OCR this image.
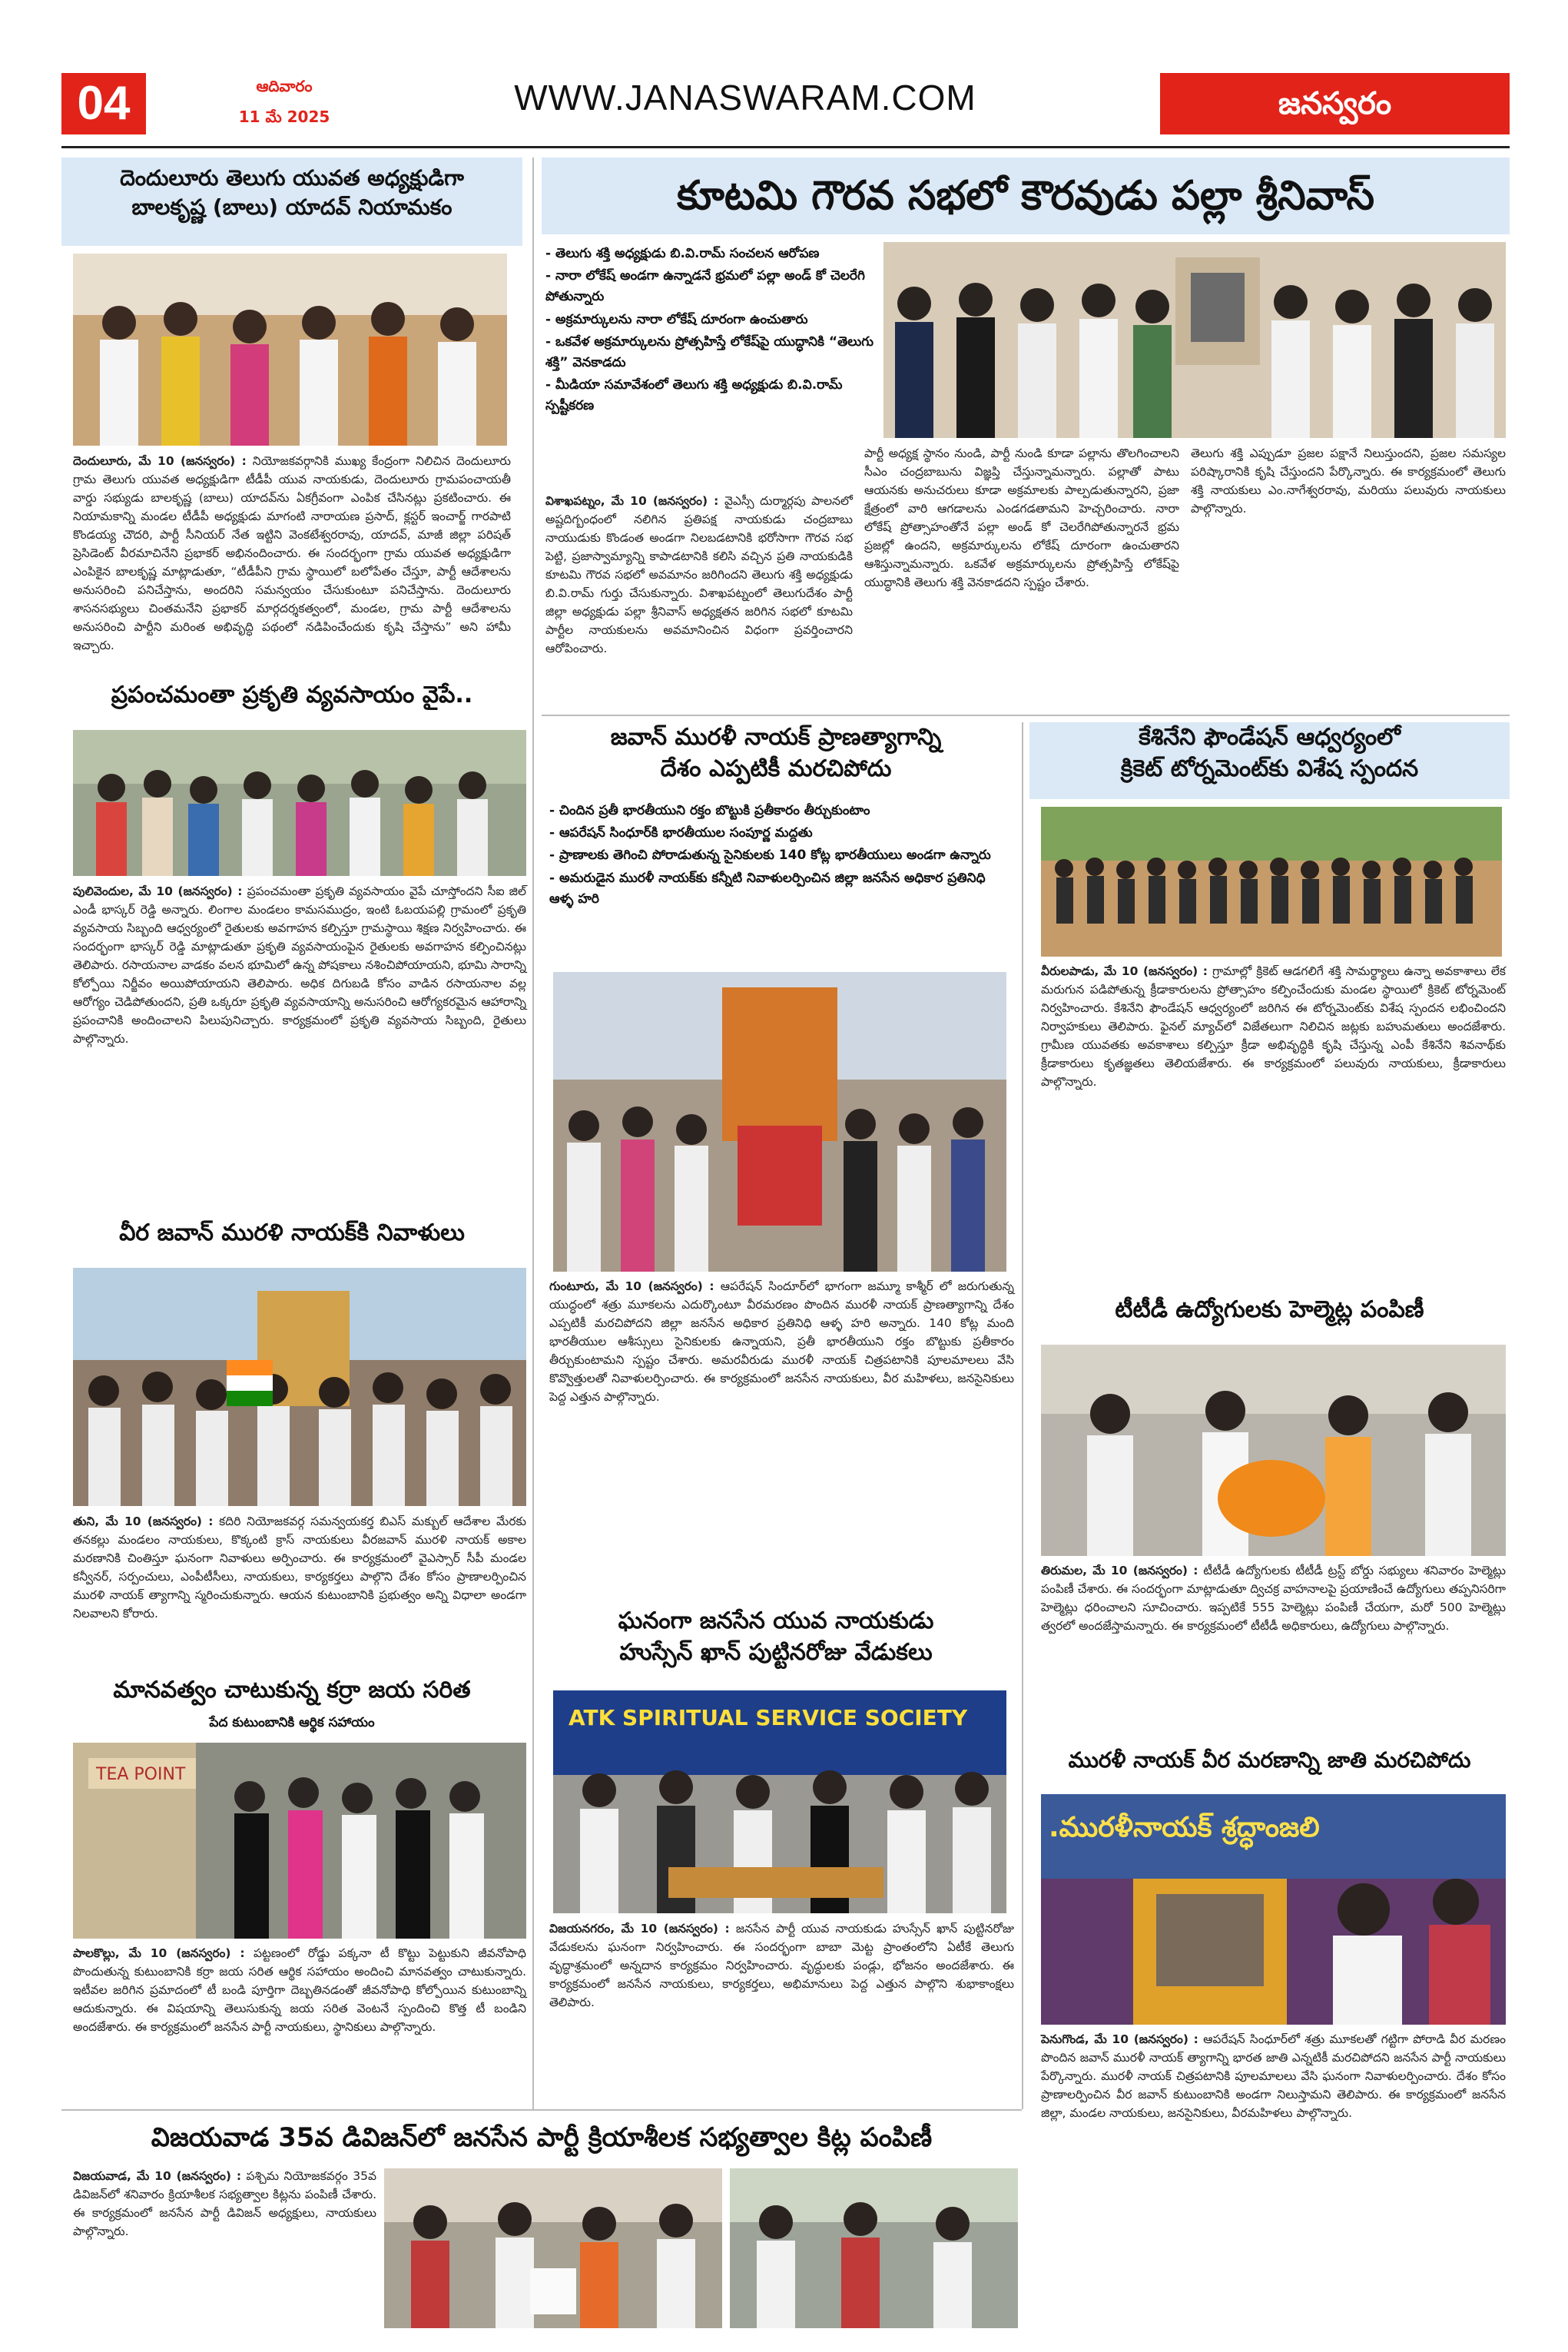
04	ఆదివారం
11 మే 2025	WWW.JANASWARAM.COM	జనస్వరం
దెందులూరు తెలుగు యువత అధ్యక్షుడిగా
బాలకృష్ణ (బాలు) యాదవ్ నియామకం
దెందులూరు, మే 10 (జనస్వరం) : నియోజకవర్గానికి ముఖ్య కేంద్రంగా నిలిచిన దెందులూరు గ్రామ తెలుగు యువత అధ్యక్షుడిగా టీడీపీ యువ నాయకుడు, దెందులూరు గ్రామపంచాయతీ వార్డు సభ్యుడు బాలకృష్ణ (బాలు) యాదవ్‌ను ఏకగ్రీవంగా ఎంపిక చేసినట్లు ప్రకటించారు. ఈ నియామకాన్ని మండల టీడీపీ అధ్యక్షుడు మాగంటి నారాయణ ప్రసాద్, క్లస్టర్ ఇంచార్జ్ గారపాటి కొండయ్య చౌదరి, పార్టీ సీనియర్ నేత ఇట్టిని వెంకటేశ్వరరావు, యాదవ్, మాజీ జిల్లా పరిషత్ ప్రెసిడెంట్ వీరమాచినేని ప్రభాకర్ అభినందించారు. ఈ సందర్భంగా గ్రామ యువత అధ్యక్షుడిగా ఎంపికైన బాలకృష్ణ మాట్లాడుతూ, “టీడీపీని గ్రామ స్థాయిలో బలోపేతం చేస్తూ, పార్టీ ఆదేశాలను అనుసరించి పనిచేస్తాను, అందరిని సమన్వయం చేసుకుంటూ పనిచేస్తాను. దెందులూరు శాసనసభ్యులు చింతమనేని ప్రభాకర్ మార్గదర్శకత్వంలో, మండల, గ్రామ పార్టీ ఆదేశాలను అనుసరించి పార్టీని మరింత అభివృద్ధి పథంలో నడిపించేందుకు కృషి చేస్తాను” అని హామీ ఇచ్చారు.
ప్రపంచమంతా ప్రకృతి వ్యవసాయం వైపే..
పులివెందుల, మే 10 (జనస్వరం) : ప్రపంచమంతా ప్రకృతి వ్యవసాయం వైపే చూస్తోందని సీఐ జిల్ ఎండీ భాస్కర్ రెడ్డి అన్నారు. లింగాల మండలం కామసముద్రం, ఇంటి ఓబయపల్లి గ్రామంలో ప్రకృతి వ్యవసాయ సిబ్బంది ఆధ్వర్యంలో రైతులకు అవగాహన కల్పిస్తూ గ్రామస్థాయి శిక్షణ నిర్వహించారు. ఈ సందర్భంగా భాస్కర్ రెడ్డి మాట్లాడుతూ ప్రకృతి వ్యవసాయంపైన రైతులకు అవగాహన కల్పించినట్లు తెలిపారు. రసాయనాల వాడకం వలన భూమిలో ఉన్న పోషకాలు నశించిపోయాయని, భూమి సారాన్ని కోల్పోయి నిర్జీవం అయిపోయాయని తెలిపారు. అధిక దిగుబడి కోసం వాడిన రసాయనాల వల్ల ఆరోగ్యం చెడిపోతుందని, ప్రతి ఒక్కరూ ప్రకృతి వ్యవసాయాన్ని అనుసరించి ఆరోగ్యకరమైన ఆహారాన్ని ప్రపంచానికి అందించాలని పిలుపునిచ్చారు. కార్యక్రమంలో ప్రకృతి వ్యవసాయ సిబ్బంది, రైతులు పాల్గొన్నారు.
వీర జవాన్ మురళి నాయక్‌కి నివాళులు
తుని, మే 10 (జనస్వరం) : కదిరి నియోజకవర్గ సమన్వయకర్త బిఎస్ మక్బుల్ ఆదేశాల మేరకు తనకల్లు మండలం నాయకులు, కొక్కంటి క్రాస్ నాయకులు వీరజవాన్ మురళి నాయక్ అకాల మరణానికి చింతిస్తూ ఘనంగా నివాళులు అర్పించారు. ఈ కార్యక్రమంలో వైఎస్సార్ సీపీ మండల కన్వీనర్, సర్పంచులు, ఎంపీటీసీలు, నాయకులు, కార్యకర్తలు పాల్గొని దేశం కోసం ప్రాణాలర్పించిన మురళి నాయక్ త్యాగాన్ని స్మరించుకున్నారు. ఆయన కుటుంబానికి ప్రభుత్వం అన్ని విధాలా అండగా నిలవాలని కోరారు.
మానవత్వం చాటుకున్న కర్రా జయ సరిత
పేద కుటుంబానికి ఆర్థిక సహాయం
TEA POINT
పాలకొల్లు, మే 10 (జనస్వరం) : పట్టణంలో రోడ్డు పక్కనా టీ కొట్టు పెట్టుకుని జీవనోపాధి పొందుతున్న కుటుంబానికి కర్రా జయ సరిత ఆర్థిక సహాయం అందించి మానవత్వం చాటుకున్నారు. ఇటీవల జరిగిన ప్రమాదంలో టీ బండి పూర్తిగా దెబ్బతినడంతో జీవనోపాధి కోల్పోయిన కుటుంబాన్ని ఆదుకున్నారు. ఈ విషయాన్ని తెలుసుకున్న జయ సరిత వెంటనే స్పందించి కొత్త టీ బండిని అందజేశారు. ఈ కార్యక్రమంలో జనసేన పార్టీ నాయకులు, స్థానికులు పాల్గొన్నారు.
కూటమి గౌరవ సభలో కౌరవుడు పల్లా శ్రీనివాస్
- తెలుగు శక్తి అధ్యక్షుడు బి.వి.రామ్ సంచలన ఆరోపణ
- నారా లోకేష్ అండగా ఉన్నాడనే భ్రమలో పల్లా అండ్ కో చెలరేగి పోతున్నారు
- అక్రమార్కులను నారా లోకేష్ దూరంగా ఉంచుతారు
- ఒకవేళ అక్రమార్కులను ప్రోత్సహిస్తే లోకేష్‌పై యుద్ధానికి “తెలుగు శక్తి” వెనకాడదు
- మీడియా సమావేశంలో తెలుగు శక్తి అధ్యక్షుడు బి.వి.రామ్ స్పష్టీకరణ
విశాఖపట్నం, మే 10 (జనస్వరం) : వైఎస్సీ దుర్మార్గపు పాలనలో అష్టదిగ్బంధంలో నలిగిన ప్రతిపక్ష నాయకుడు చంద్రబాబు నాయుడుకు కొండంత అండగా నిలబడటానికి భరోసాగా గౌరవ సభ పెట్టి, ప్రజాస్వామ్యాన్ని కాపాడటానికి కలిసి వచ్చిన ప్రతి నాయకుడికి కూటమి గౌరవ సభలో అవమానం జరిగిందని తెలుగు శక్తి అధ్యక్షుడు బి.వి.రామ్ గుర్తు చేసుకున్నారు. విశాఖపట్నంలో తెలుగుదేశం పార్టీ జిల్లా అధ్యక్షుడు పల్లా శ్రీనివాస్ అధ్యక్షతన జరిగిన సభలో కూటమి పార్టీల నాయకులను అవమానించిన విధంగా ప్రవర్తించారని ఆరోపించారు.
పార్టీ అధ్యక్ష స్థానం నుండి, పార్టీ నుండి కూడా పల్లాను తొలగించాలని సీఎం చంద్రబాబును విజ్ఞప్తి చేస్తున్నామన్నారు. పల్లాతో పాటు ఆయనకు అనుచరులు కూడా అక్రమాలకు పాల్పడుతున్నారని, ప్రజా క్షేత్రంలో వారి ఆగడాలను ఎండగడతామని హెచ్చరించారు. నారా లోకేష్ ప్రోత్సాహంతోనే పల్లా అండ్ కో చెలరేగిపోతున్నారనే భ్రమ ప్రజల్లో ఉందని, అక్రమార్కులను లోకేష్ దూరంగా ఉంచుతారని ఆశిస్తున్నామన్నారు. ఒకవేళ అక్రమార్కులను ప్రోత్సహిస్తే లోకేష్‌పై యుద్ధానికి తెలుగు శక్తి వెనకాడదని స్పష్టం చేశారు.
తెలుగు శక్తి ఎప్పుడూ ప్రజల పక్షానే నిలుస్తుందని, ప్రజల సమస్యల పరిష్కారానికి కృషి చేస్తుందని పేర్కొన్నారు. ఈ కార్యక్రమంలో తెలుగు శక్తి నాయకులు ఎం.నాగేశ్వరరావు, మరియు పలువురు నాయకులు పాల్గొన్నారు.
జవాన్ మురళీ నాయక్ ప్రాణత్యాగాన్ని
దేశం ఎప్పటికీ మరచిపోదు
- చిందిన ప్రతీ భారతీయుని రక్తం బొట్టుకి ప్రతీకారం తీర్చుకుంటాం
- ఆపరేషన్ సింధూర్‌కి భారతీయుల సంపూర్ణ మద్దతు
- ప్రాణాలకు తెగించి పోరాడుతున్న సైనికులకు 140 కోట్ల భారతీయులు అండగా ఉన్నారు
- అమరుడైన మురళీ నాయక్‌కు కన్నీటి నివాళులర్పించిన జిల్లా జనసేన అధికార ప్రతినిధి ఆళ్ళ హరి
గుంటూరు, మే 10 (జనస్వరం) : ఆపరేషన్ సిందూర్‌లో భాగంగా జమ్మూ కాశ్మీర్ లో జరుగుతున్న యుద్ధంలో శత్రు మూకలను ఎదుర్కొంటూ వీరమరణం పొందిన మురళీ నాయక్ ప్రాణత్యాగాన్ని దేశం ఎప్పటికీ మరచిపోదని జిల్లా జనసేన అధికార ప్రతినిధి ఆళ్ళ హరి అన్నారు. 140 కోట్ల మంది భారతీయుల ఆశీస్సులు సైనికులకు ఉన్నాయని, ప్రతీ భారతీయుని రక్తం బొట్టుకు ప్రతీకారం తీర్చుకుంటామని స్పష్టం చేశారు. అమరవీరుడు మురళీ నాయక్ చిత్రపటానికి పూలమాలలు వేసి కొవ్వొత్తులతో నివాళులర్పించారు. ఈ కార్యక్రమంలో జనసేన నాయకులు, వీర మహిళలు, జనసైనికులు పెద్ద ఎత్తున పాల్గొన్నారు.
ఘనంగా జనసేన యువ నాయకుడు
హుస్సేన్ ఖాన్ పుట్టినరోజు వేడుకలు
ATK SPIRITUAL SERVICE SOCIETY
విజయనగరం, మే 10 (జనస్వరం) : జనసేన పార్టీ యువ నాయకుడు హుస్సేన్ ఖాన్ పుట్టినరోజు వేడుకలను ఘనంగా నిర్వహించారు. ఈ సందర్భంగా బాబా మెట్ట ప్రాంతంలోని ఏటీకే తెలుగు వృద్ధాశ్రమంలో అన్నదాన కార్యక్రమం నిర్వహించారు. వృద్ధులకు పండ్లు, భోజనం అందజేశారు. ఈ కార్యక్రమంలో జనసేన నాయకులు, కార్యకర్తలు, అభిమానులు పెద్ద ఎత్తున పాల్గొని శుభాకాంక్షలు తెలిపారు.
కేశినేని ఫౌండేషన్ ఆధ్వర్యంలో
క్రికెట్ టోర్నమెంట్‌కు విశేష స్పందన
వీరులపాడు, మే 10 (జనస్వరం) : గ్రామాల్లో క్రికెట్ ఆడగలిగే శక్తి సామర్థ్యాలు ఉన్నా అవకాశాలు లేక మరుగున పడిపోతున్న క్రీడాకారులను ప్రోత్సాహం కల్పించేందుకు మండల స్థాయిలో క్రికెట్ టోర్నమెంట్ నిర్వహించారు. కేశినేని ఫౌండేషన్ ఆధ్వర్యంలో జరిగిన ఈ టోర్నమెంట్‌కు విశేష స్పందన లభించిందని నిర్వాహకులు తెలిపారు. ఫైనల్ మ్యాచ్‌లో విజేతలుగా నిలిచిన జట్లకు బహుమతులు అందజేశారు. గ్రామీణ యువతకు అవకాశాలు కల్పిస్తూ క్రీడా అభివృద్ధికి కృషి చేస్తున్న ఎంపీ కేశినేని శివనాథ్‌కు క్రీడాకారులు కృతజ్ఞతలు తెలియజేశారు. ఈ కార్యక్రమంలో పలువురు నాయకులు, క్రీడాకారులు పాల్గొన్నారు.
టీటీడీ ఉద్యోగులకు హెల్మెట్ల పంపిణీ
తిరుమల, మే 10 (జనస్వరం) : టీటీడీ ఉద్యోగులకు టీటీడీ ట్రస్ట్ బోర్డు సభ్యులు శనివారం హెల్మెట్లు పంపిణీ చేశారు. ఈ సందర్భంగా మాట్లాడుతూ ద్విచక్ర వాహనాలపై ప్రయాణించే ఉద్యోగులు తప్పనిసరిగా హెల్మెట్లు ధరించాలని సూచించారు. ఇప్పటికే 555 హెల్మెట్లు పంపిణీ చేయగా, మరో 500 హెల్మెట్లు త్వరలో అందజేస్తామన్నారు. ఈ కార్యక్రమంలో టీటీడీ అధికారులు, ఉద్యోగులు పాల్గొన్నారు.
మురళీ నాయక్ వీర మరణాన్ని జాతి మరచిపోదు
.మురళీనాయక్ శ్రద్ధాంజలి
పెనుగొండ, మే 10 (జనస్వరం) : ఆపరేషన్ సింధూర్‌లో శత్రు మూకలతో గట్టిగా పోరాడి వీర మరణం పొందిన జవాన్ మురళీ నాయక్ త్యాగాన్ని భారత జాతి ఎన్నటికీ మరచిపోదని జనసేన పార్టీ నాయకులు పేర్కొన్నారు. మురళీ నాయక్ చిత్రపటానికి పూలమాలలు వేసి ఘనంగా నివాళులర్పించారు. దేశం కోసం ప్రాణాలర్పించిన వీర జవాన్ కుటుంబానికి అండగా నిలుస్తామని తెలిపారు. ఈ కార్యక్రమంలో జనసేన జిల్లా, మండల నాయకులు, జనసైనికులు, వీరమహిళలు పాల్గొన్నారు.
విజయవాడ 35వ డివిజన్‌లో జనసేన పార్టీ క్రియాశీలక సభ్యత్వాల కిట్ల పంపిణీ
విజయవాడ, మే 10 (జనస్వరం) : పశ్చిమ నియోజకవర్గం 35వ డివిజన్‌లో శనివారం క్రియాశీలక సభ్యత్వాల కిట్లను పంపిణీ చేశారు. ఈ కార్యక్రమంలో జనసేన పార్టీ డివిజన్ అధ్యక్షులు, నాయకులు పాల్గొన్నారు.
